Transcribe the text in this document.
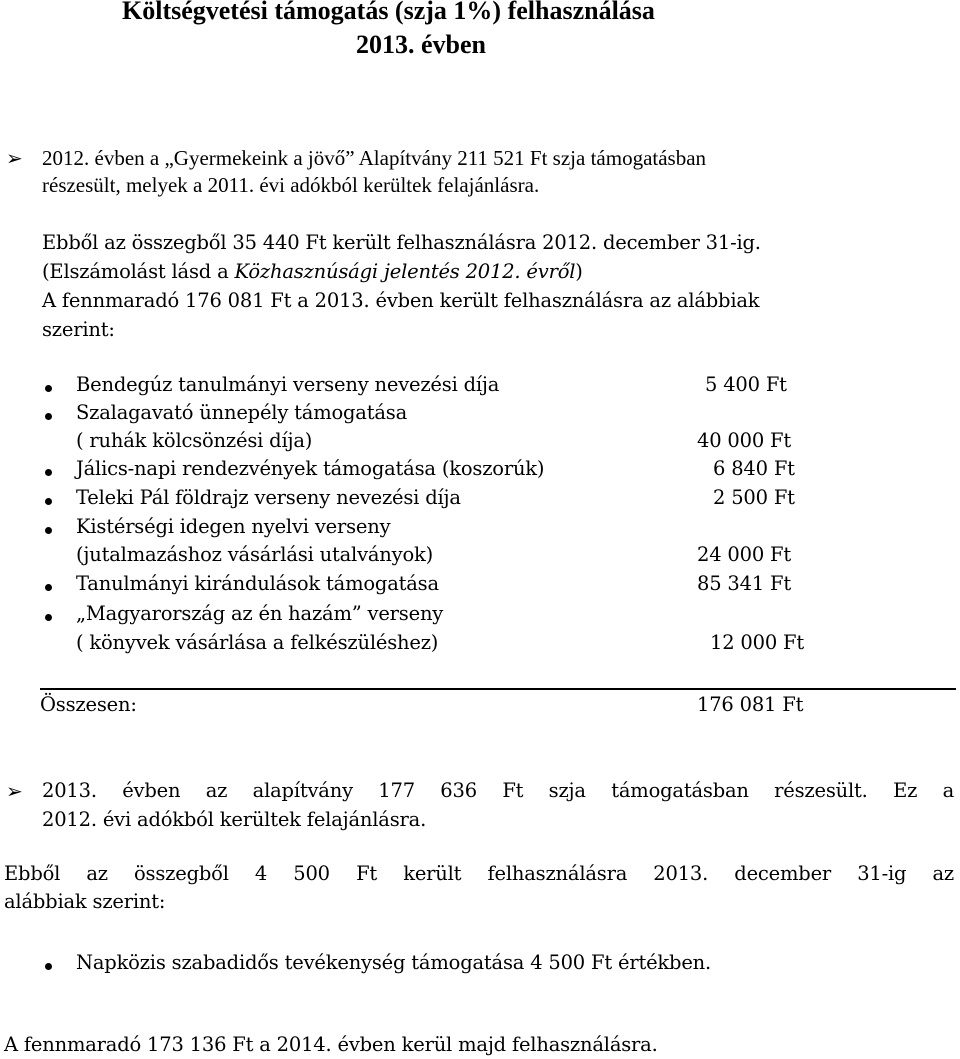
Költségvetési támogatás (szja 1%) felhasználása
2013. évben
➢ 2012. évben a „Gyermekeink a jövő” Alapítvány 211 521 Ft szja támogatásban
részesült, melyek a 2011. évi adókból kerültek felajánlásra.
Ebből az összegből 35 440 Ft került felhasználásra 2012. december 31-ig.
(Elszámolást lásd a Közhasznúsági jelentés 2012. évről)
A fennmaradó 176 081 Ft a 2013. évben került felhasználásra az alábbiak
szerint:
Bendegúz tanulmányi verseny nevezési díja	5 400 Ft
Szalagavató ünnepély támogatása
( ruhák kölcsönzési díja)	40 000 Ft
Jálics-napi rendezvények támogatása (koszorúk)	6 840 Ft
Teleki Pál földrajz verseny nevezési díja	2 500 Ft
Kistérségi idegen nyelvi verseny
(jutalmazáshoz vásárlási utalványok)	24 000 Ft
Tanulmányi kirándulások támogatása	85 341 Ft
„Magyarország az én hazám” verseny
( könyvek vásárlása a felkészüléshez)	12 000 Ft
Összesen:	176 081 Ft
➢ 2013. évben az alapítvány 177 636 Ft szja támogatásban részesült. Ez a
2012. évi adókból kerültek felajánlásra.
Ebből az összegből 4 500 Ft került felhasználásra 2013. december 31-ig az
alábbiak szerint:
Napközis szabadidős tevékenység támogatása 4 500 Ft értékben.
A fennmaradó 173 136 Ft a 2014. évben kerül majd felhasználásra.
